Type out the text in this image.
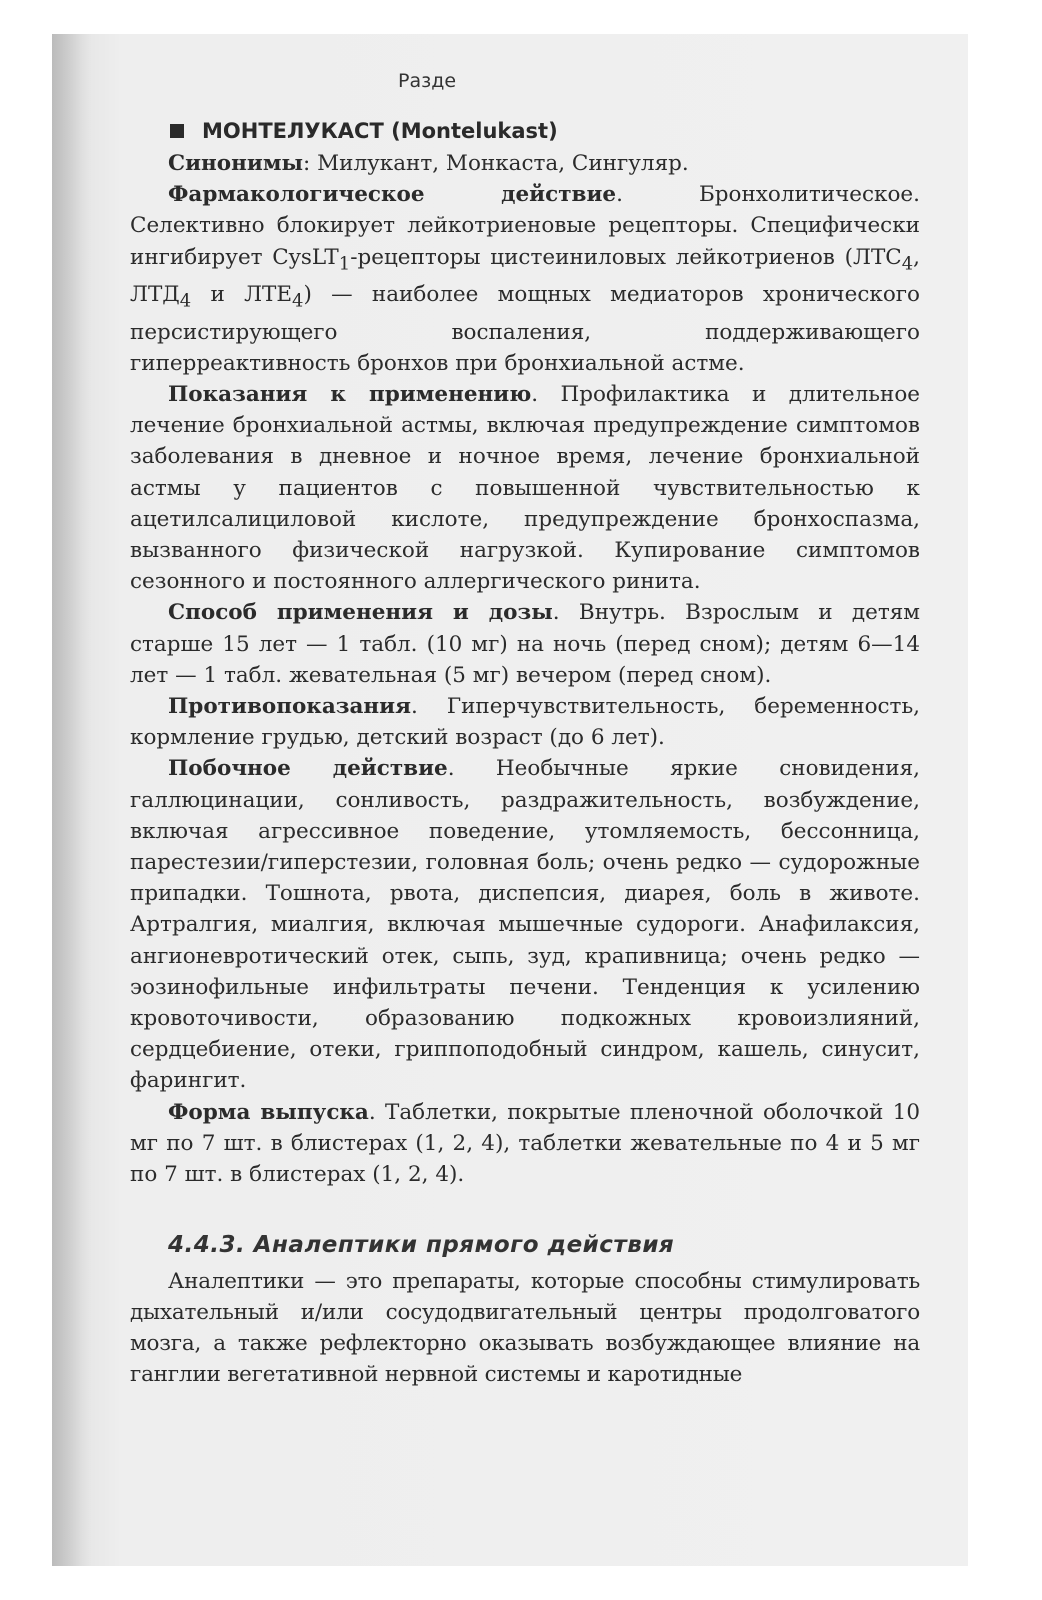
Разде
МОНТЕЛУКАСТ (Montelukast)

Синонимы: Милукант, Монкаста, Сингуляр.

Фармакологическое действие. Бронхолитическое. Селективно блокирует лейкотриеновые рецепторы. Специфически ингибирует CysLT$_1$-рецепторы цистеиниловых лейкотриенов ($ЛТС_4$, $ЛТД_4$ и $ЛТЕ_4$) — наиболее мощных медиаторов хронического персистирующего воспаления, поддерживающего гиперреактивность бронхов при бронхиальной астме.

Показания к применению. Профилактика и длительное лечение бронхиальной астмы, включая предупреждение симптомов заболевания в дневное и ночное время, лечение бронхиальной астмы у пациентов с повышенной чувствительностью к ацетилсалициловой кислоте, предупреждение бронхоспазма, вызванного физической нагрузкой. Купирование симптомов сезонного и постоянного аллергического ринита.

Способ применения и дозы. Внутрь. Взрослым и детям старше 15 лет — 1 табл. (10 мг) на ночь (перед сном); детям 6—14 лет — 1 табл. жевательная (5 мг) вечером (перед сном).

Противопоказания. Гиперчувствительность, беременность, кормление грудью, детский возраст (до 6 лет).

Побочное действие. Необычные яркие сновидения, галлюцинации, сонливость, раздражительность, возбуждение, включая агрессивное поведение, утомляемость, бессонница, парестезии/гиперстезии, головная боль; очень редко — судорожные припадки. Тошнота, рвота, диспепсия, диарея, боль в животе. Артралгия, миалгия, включая мышечные судороги. Анафилаксия, ангионевротический отек, сыпь, зуд, крапивница; очень редко — эозинофильные инфильтраты печени. Тенденция к усилению кровоточивости, образованию подкожных кровоизлияний, сердцебиение, отеки, гриппоподобный синдром, кашель, синусит, фарингит.

Форма выпуска. Таблетки, покрытые пленочной оболочкой 10 мг по 7 шт. в блистерах (1, 2, 4), таблетки жевательные по 4 и 5 мг по 7 шт. в блистерах (1, 2, 4).

4.4.3. Аналептики прямого действия

Аналептики — это препараты, которые способны стимулировать дыхательный и/или сосудодвигательный центры продолговатого мозга, а также рефлекторно оказывать возбуждающее влияние на ганглии вегетативной нервной системы и каротидные
